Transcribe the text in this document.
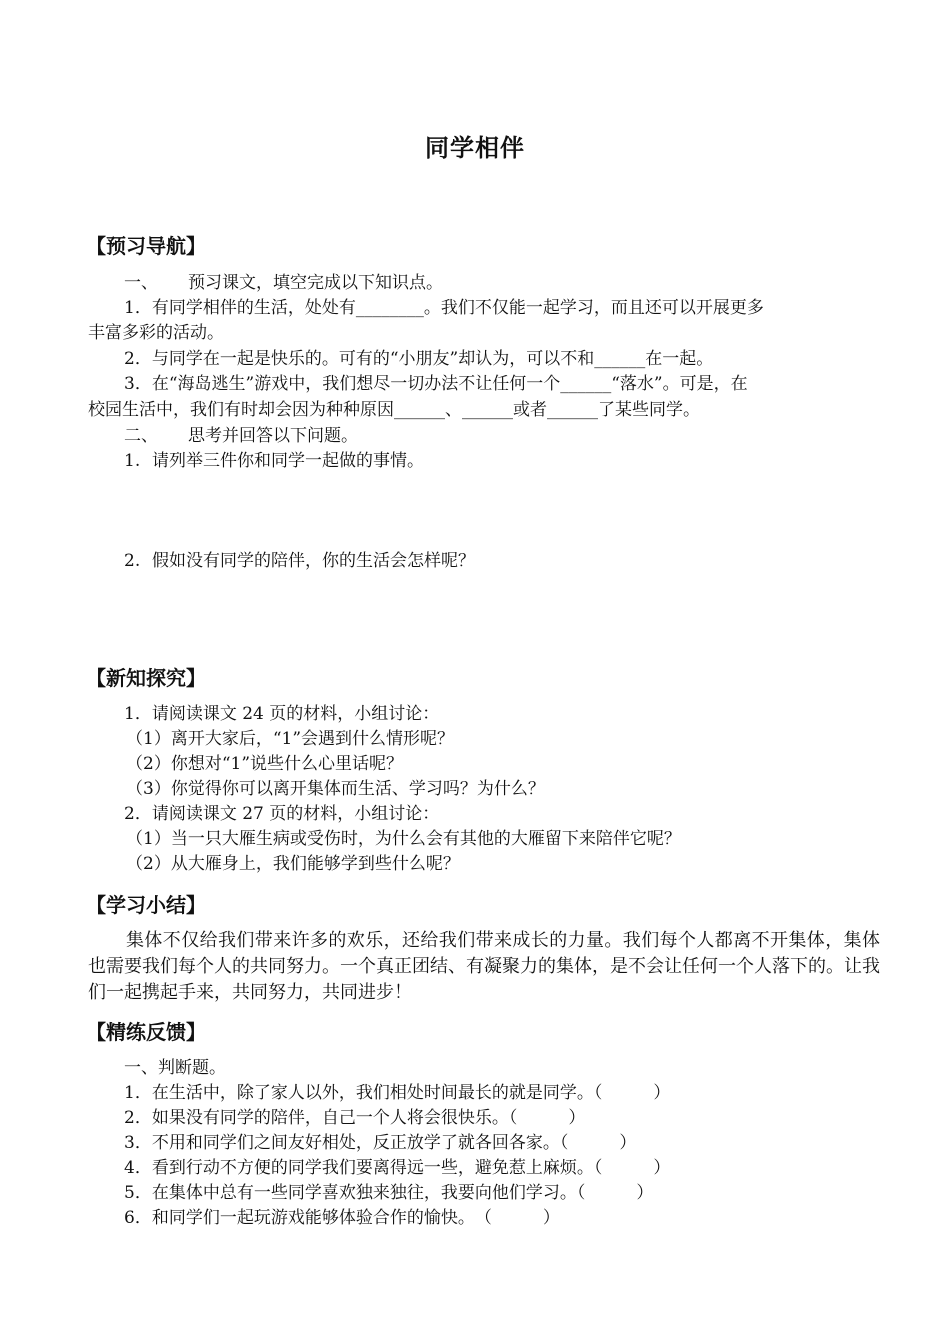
同学相伴
【预习导航】
一、 预习课文，填空完成以下知识点。
1．有同学相伴的生活，处处有________。我们不仅能一起学习，而且还可以开展更多
丰富多彩的活动。
2．与同学在一起是快乐的。可有的“小朋友”却认为，可以不和______在一起。
3．在“海岛逃生”游戏中，我们想尽一切办法不让任何一个______“落水”。可是，在
校园生活中，我们有时却会因为种种原因______、______或者______了某些同学。
二、 思考并回答以下问题。
1. 请列举三件你和同学一起做的事情。
2. 假如没有同学的陪伴，你的生活会怎样呢？
【新知探究】
1．请阅读课文 24 页的材料，小组讨论：
（1）离开大家后，“1”会遇到什么情形呢？
（2）你想对“1”说些什么心里话呢？
（3）你觉得你可以离开集体而生活、学习吗？为什么？
2．请阅读课文 27 页的材料，小组讨论：
（1）当一只大雁生病或受伤时，为什么会有其他的大雁留下来陪伴它呢？
（2）从大雁身上，我们能够学到些什么呢？
【学习小结】
集体不仅给我们带来许多的欢乐，还给我们带来成长的力量。我们每个人都离不开集体，集体也需要我们每个人的共同努力。一个真正团结、有凝聚力的集体，是不会让任何一个人落下的。让我们一起携起手来，共同努力，共同进步！
【精练反馈】
一、判断题。
1．在生活中，除了家人以外，我们相处时间最长的就是同学。（　　　）
2．如果没有同学的陪伴，自己一个人将会很快乐。（　　　）
3．不用和同学们之间友好相处，反正放学了就各回各家。（　　　）
4．看到行动不方便的同学我们要离得远一些，避免惹上麻烦。（　　　）
5．在集体中总有一些同学喜欢独来独往，我要向他们学习。（　　　）
6．和同学们一起玩游戏能够体验合作的愉快。　（　　　）
